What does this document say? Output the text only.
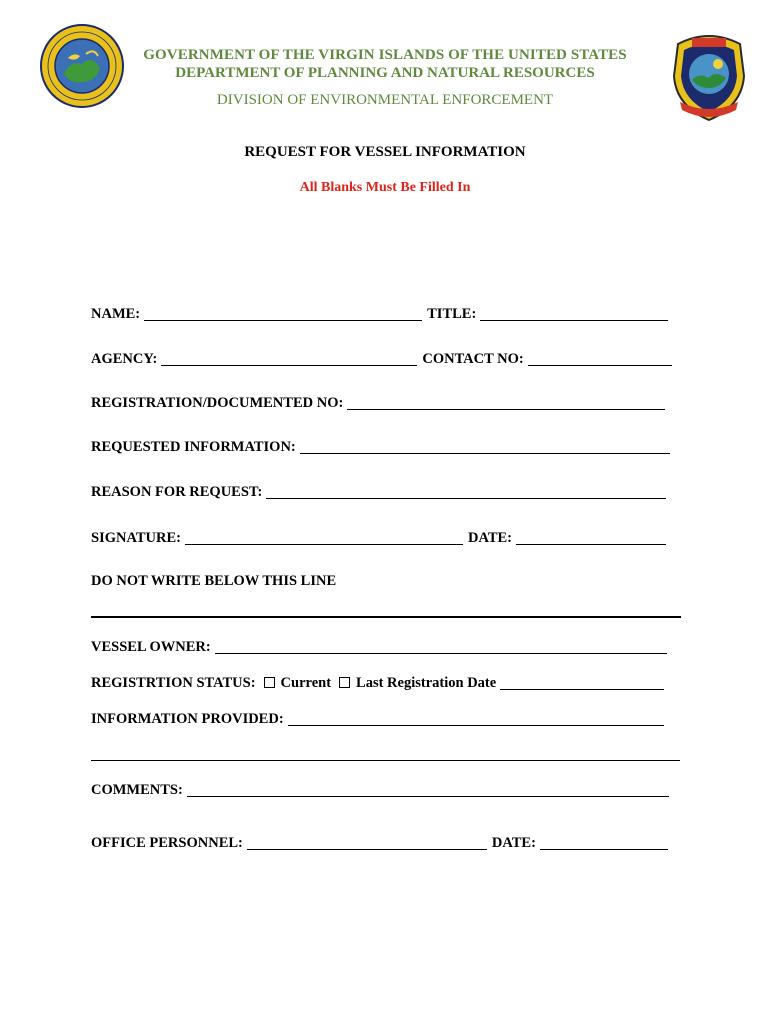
GOVERNMENT OF THE VIRGIN ISLANDS OF THE UNITED STATES
DEPARTMENT OF PLANNING AND NATURAL RESOURCES
DIVISION OF ENVIRONMENTAL ENFORCEMENT
REQUEST FOR VESSEL INFORMATION
All Blanks Must Be Filled In
NAME:	TITLE:
AGENCY:	CONTACT NO:
REGISTRATION/DOCUMENTED NO:
REQUESTED INFORMATION:
REASON FOR REQUEST:
SIGNATURE:	DATE:
DO NOT WRITE BELOW THIS LINE
VESSEL OWNER:
REGISTRTION STATUS: Current Last Registration Date
INFORMATION PROVIDED:
COMMENTS:
OFFICE PERSONNEL:	DATE:
